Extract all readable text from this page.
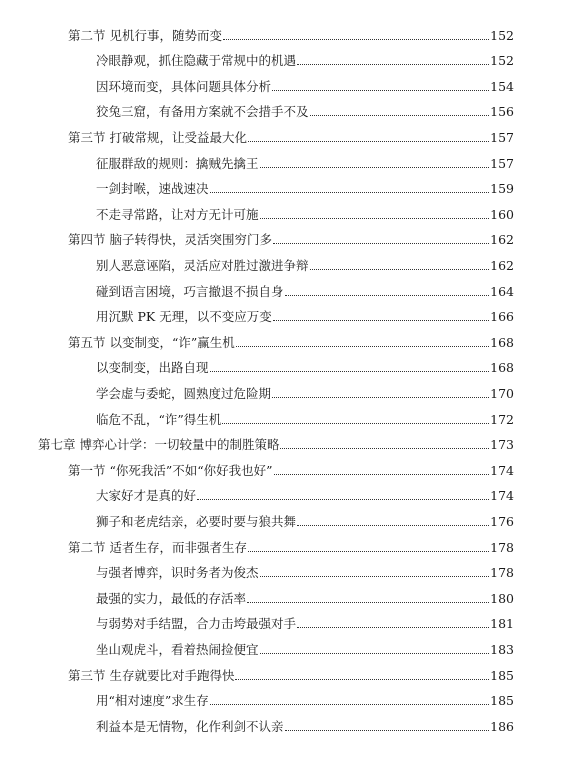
第二节 见机行事，随势而变	152
冷眼静观，抓住隐藏于常规中的机遇	152
因环境而变，具体问题具体分析	154
狡兔三窟，有备用方案就不会措手不及	156
第三节 打破常规，让受益最大化	157
征服群敌的规则：擒贼先擒王	157
一剑封喉，速战速决	159
不走寻常路，让对方无计可施	160
第四节 脑子转得快，灵活突围穷门多	162
别人恶意诬陷，灵活应对胜过激进争辩	162
碰到语言困境，巧言撤退不损自身	164
用沉默 PK 无理，以不变应万变	166
第五节 以变制变，“诈”赢生机	168
以变制变，出路自现	168
学会虚与委蛇，圆熟度过危险期	170
临危不乱，“诈”得生机	172
第七章 博弈心计学：一切较量中的制胜策略	173
第一节 “你死我活”不如“你好我也好”	174
大家好才是真的好	174
狮子和老虎结亲，必要时要与狼共舞	176
第二节 适者生存，而非强者生存	178
与强者博弈，识时务者为俊杰	178
最强的实力，最低的存活率	180
与弱势对手结盟，合力击垮最强对手	181
坐山观虎斗，看着热闹捡便宜	183
第三节 生存就要比对手跑得快	185
用“相对速度”求生存	185
利益本是无情物，化作利剑不认亲	186
